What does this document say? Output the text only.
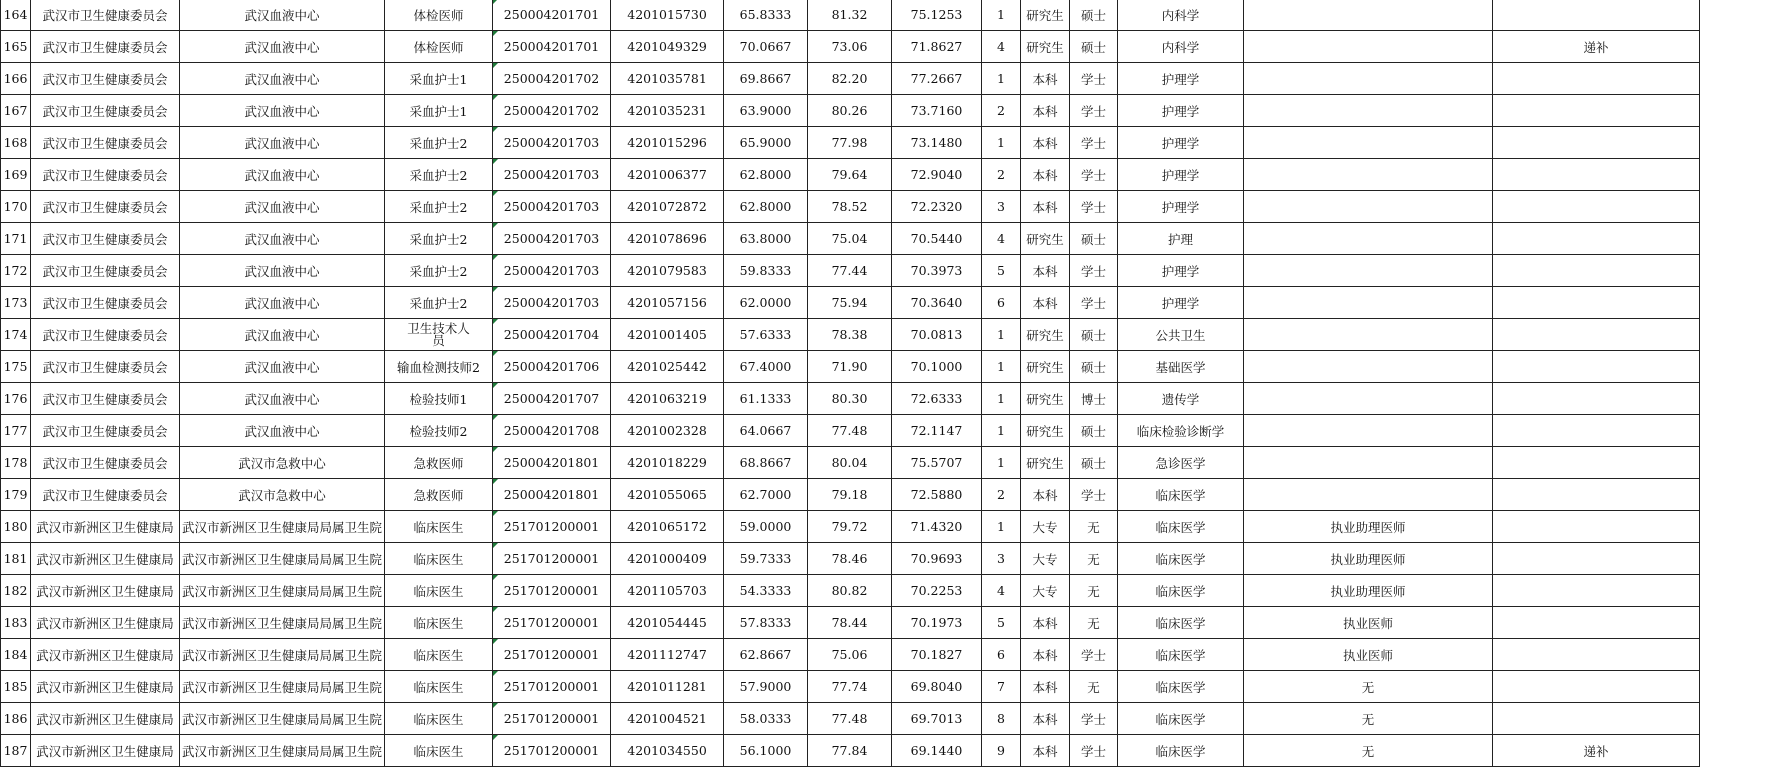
164	武汉市卫生健康委员会	武汉血液中心	体检医师	250004201701	4201015730	65.8333	81.32	75.1253	1	研究生	硕士	内科学		
165	武汉市卫生健康委员会	武汉血液中心	体检医师	250004201701	4201049329	70.0667	73.06	71.8627	4	研究生	硕士	内科学		递补
166	武汉市卫生健康委员会	武汉血液中心	采血护士1	250004201702	4201035781	69.8667	82.20	77.2667	1	本科	学士	护理学		
167	武汉市卫生健康委员会	武汉血液中心	采血护士1	250004201702	4201035231	63.9000	80.26	73.7160	2	本科	学士	护理学		
168	武汉市卫生健康委员会	武汉血液中心	采血护士2	250004201703	4201015296	65.9000	77.98	73.1480	1	本科	学士	护理学		
169	武汉市卫生健康委员会	武汉血液中心	采血护士2	250004201703	4201006377	62.8000	79.64	72.9040	2	本科	学士	护理学		
170	武汉市卫生健康委员会	武汉血液中心	采血护士2	250004201703	4201072872	62.8000	78.52	72.2320	3	本科	学士	护理学		
171	武汉市卫生健康委员会	武汉血液中心	采血护士2	250004201703	4201078696	63.8000	75.04	70.5440	4	研究生	硕士	护理		
172	武汉市卫生健康委员会	武汉血液中心	采血护士2	250004201703	4201079583	59.8333	77.44	70.3973	5	本科	学士	护理学		
173	武汉市卫生健康委员会	武汉血液中心	采血护士2	250004201703	4201057156	62.0000	75.94	70.3640	6	本科	学士	护理学		
174	武汉市卫生健康委员会	武汉血液中心	卫生技术人员	250004201704	4201001405	57.6333	78.38	70.0813	1	研究生	硕士	公共卫生		
175	武汉市卫生健康委员会	武汉血液中心	输血检测技师2	250004201706	4201025442	67.4000	71.90	70.1000	1	研究生	硕士	基础医学		
176	武汉市卫生健康委员会	武汉血液中心	检验技师1	250004201707	4201063219	61.1333	80.30	72.6333	1	研究生	博士	遗传学		
177	武汉市卫生健康委员会	武汉血液中心	检验技师2	250004201708	4201002328	64.0667	77.48	72.1147	1	研究生	硕士	临床检验诊断学		
178	武汉市卫生健康委员会	武汉市急救中心	急救医师	250004201801	4201018229	68.8667	80.04	75.5707	1	研究生	硕士	急诊医学		
179	武汉市卫生健康委员会	武汉市急救中心	急救医师	250004201801	4201055065	62.7000	79.18	72.5880	2	本科	学士	临床医学		
180	武汉市新洲区卫生健康局	武汉市新洲区卫生健康局局属卫生院	临床医生	251701200001	4201065172	59.0000	79.72	71.4320	1	大专	无	临床医学	执业助理医师	
181	武汉市新洲区卫生健康局	武汉市新洲区卫生健康局局属卫生院	临床医生	251701200001	4201000409	59.7333	78.46	70.9693	3	大专	无	临床医学	执业助理医师	
182	武汉市新洲区卫生健康局	武汉市新洲区卫生健康局局属卫生院	临床医生	251701200001	4201105703	54.3333	80.82	70.2253	4	大专	无	临床医学	执业助理医师	
183	武汉市新洲区卫生健康局	武汉市新洲区卫生健康局局属卫生院	临床医生	251701200001	4201054445	57.8333	78.44	70.1973	5	本科	无	临床医学	执业医师	
184	武汉市新洲区卫生健康局	武汉市新洲区卫生健康局局属卫生院	临床医生	251701200001	4201112747	62.8667	75.06	70.1827	6	本科	学士	临床医学	执业医师	
185	武汉市新洲区卫生健康局	武汉市新洲区卫生健康局局属卫生院	临床医生	251701200001	4201011281	57.9000	77.74	69.8040	7	本科	无	临床医学	无	
186	武汉市新洲区卫生健康局	武汉市新洲区卫生健康局局属卫生院	临床医生	251701200001	4201004521	58.0333	77.48	69.7013	8	本科	学士	临床医学	无	
187	武汉市新洲区卫生健康局	武汉市新洲区卫生健康局局属卫生院	临床医生	251701200001	4201034550	56.1000	77.84	69.1440	9	本科	学士	临床医学	无	递补
